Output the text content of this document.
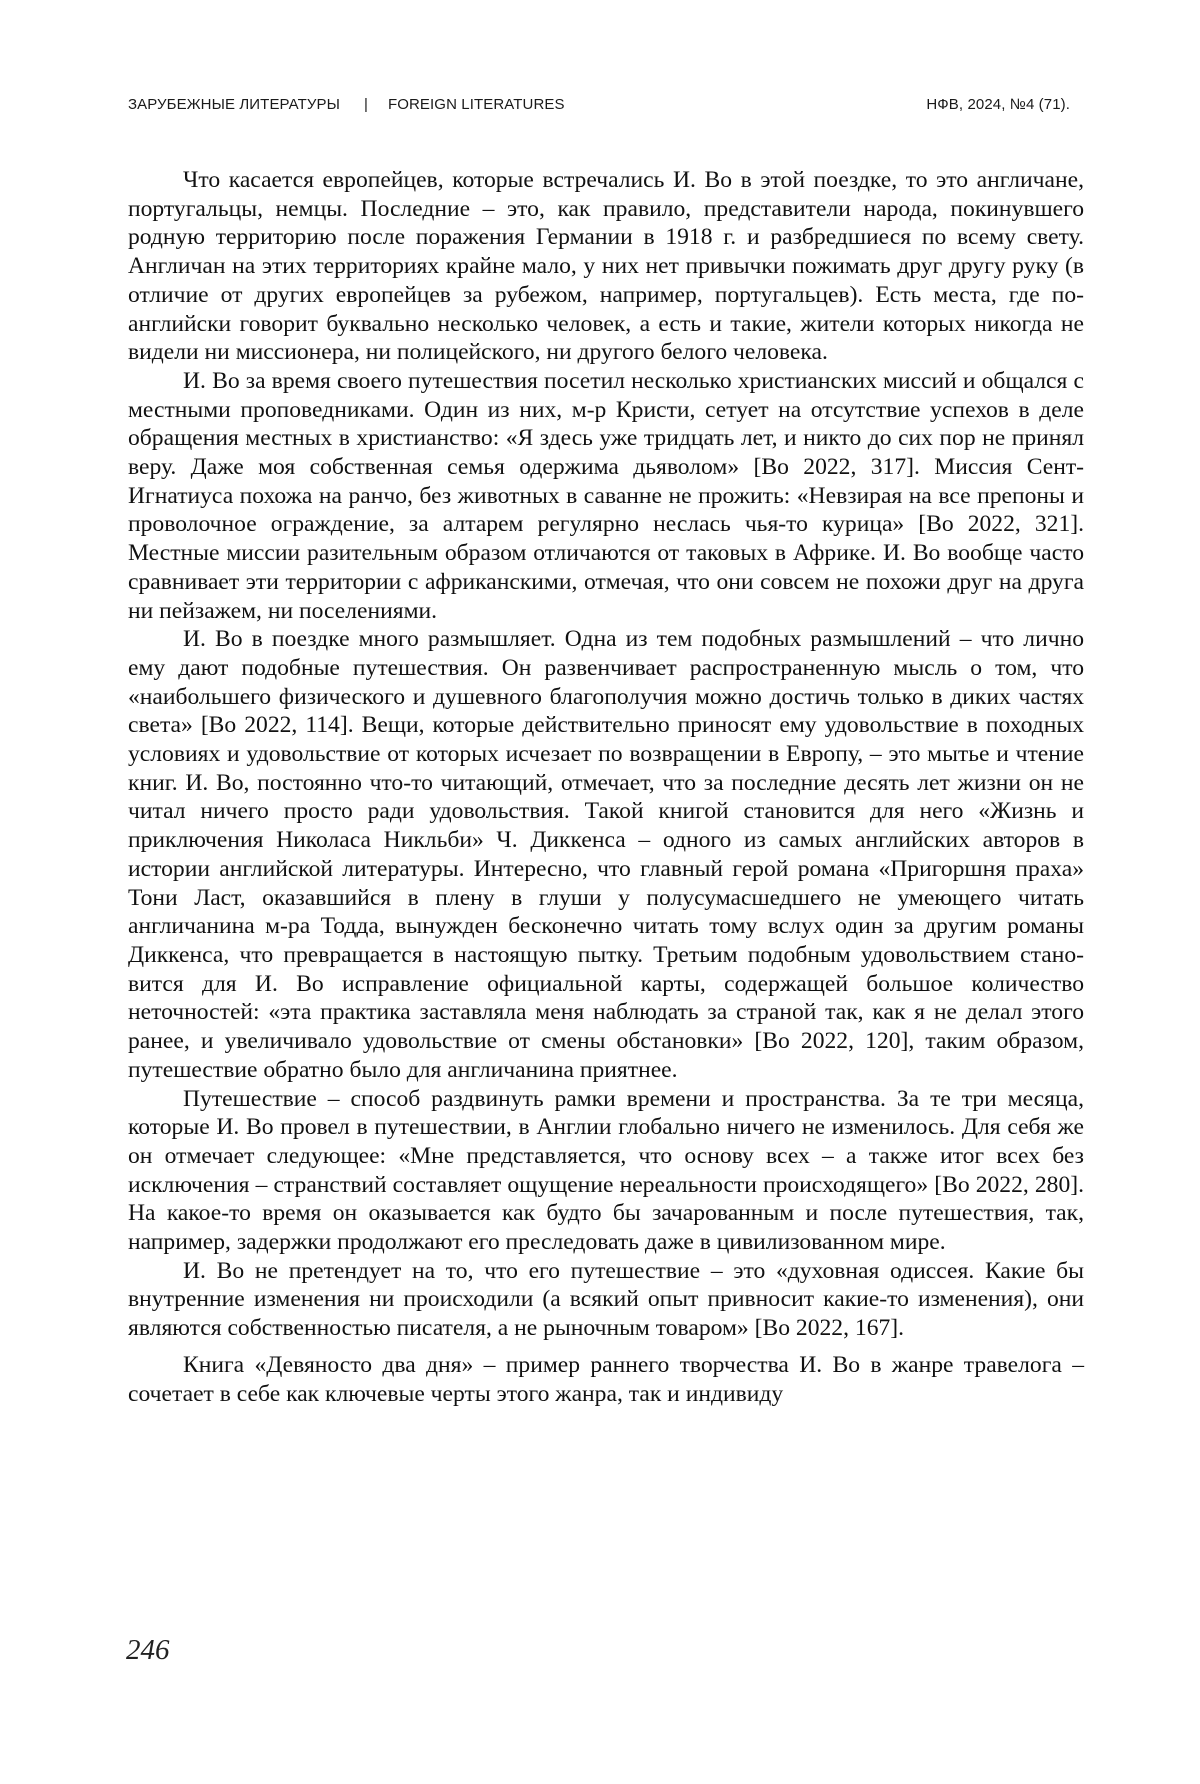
ЗАРУБЕЖНЫЕ ЛИТЕРАТУРЫ | FOREIGN LITERATURES	НФВ, 2024, №4 (71).

Что касается европейцев, которые встречались И. Во в этой поездке, то это англичане, португальцы, немцы. Последние – это, как правило, представители народа, покинувшего родную территорию после поражения Германии в 1918 г. и разбредшиеся по всему свету. Англичан на этих территориях крайне мало, у них нет привычки пожимать друг другу руку (в отличие от других европейцев за рубежом, например, португальцев). Есть места, где по-английски говорит буквально несколько человек, а есть и такие, жители которых никогда не видели ни миссионера, ни полицейского, ни другого белого человека.

И. Во за время своего путешествия посетил несколько христианских миссий и общался с местными проповедниками. Один из них, м-р Кристи, сетует на отсутствие успехов в деле обращения местных в христианство: «Я здесь уже тридцать лет, и никто до сих пор не принял веру. Даже моя собственная семья одержима дьяволом» [Во 2022, 317]. Миссия Сент-Игнатиуса похожа на ранчо, без животных в саванне не прожить: «Невзирая на все препоны и проволочное ограждение, за алтарем регулярно неслась чья-то курица» [Во 2022, 321]. Местные миссии разительным образом отличаются от таковых в Африке. И. Во вообще часто сравнивает эти территории с африканскими, отмечая, что они совсем не похожи друг на друга ни пейзажем, ни поселениями.

И. Во в поездке много размышляет. Одна из тем подобных размышлений – что лично ему дают подобные путешествия. Он развенчивает распространенную мысль о том, что «наибольшего физического и душевного благополучия можно достичь только в диких частях света» [Во 2022, 114]. Вещи, которые действительно приносят ему удовольствие в походных условиях и удовольствие от которых исчезает по возвращении в Европу, – это мытье и чтение книг. И. Во, постоянно что-то читающий, отмечает, что за последние десять лет жизни он не читал ничего просто ради удовольствия. Такой книгой становится для него «Жизнь и приключения Николаса Никльби» Ч. Диккенса – одного из самых английских авторов в истории английской литературы. Интересно, что главный герой романа «Пригоршня праха» Тони Ласт, оказавшийся в плену в глуши у полусумасшедшего не умеющего читать англичанина м-ра Тодда, вынужден бесконечно читать тому вслух один за другим романы Диккенса, что превращается в настоящую пытку. Третьим подобным удовольствием становится для И. Во исправление официальной карты, содержащей большое количество неточностей: «эта практика заставляла меня наблюдать за страной так, как я не делал этого ранее, и увеличивало удовольствие от смены обстановки» [Во 2022, 120], таким образом, путешествие обратно было для англичанина приятнее.

Путешествие – способ раздвинуть рамки времени и пространства. За те три месяца, которые И. Во провел в путешествии, в Англии глобально ничего не изменилось. Для себя же он отмечает следующее: «Мне представляется, что основу всех – а также итог всех без исключения – странствий составляет ощущение нереальности происходящего» [Во 2022, 280]. На какое-то время он оказывается как будто бы зачарованным и после путешествия, так, например, задержки продолжают его преследовать даже в цивилизованном мире.

И. Во не претендует на то, что его путешествие – это «духовная одиссея. Какие бы внутренние изменения ни происходили (а всякий опыт привносит какие-то изменения), они являются собственностью писателя, а не рыночным товаром» [Во 2022, 167].

Книга «Девяносто два дня» – пример раннего творчества И. Во в жанре травелога – сочетает в себе как ключевые черты этого жанра, так и индивиду

246
